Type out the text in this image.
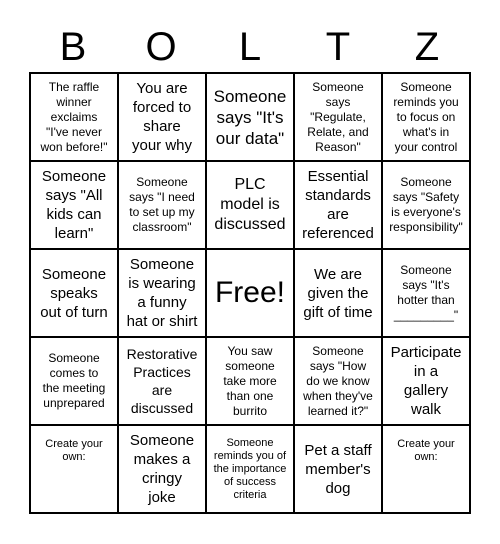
B	O	L	T	Z
The raffle
winner
exclaims
"I've never
won before!"
You are
forced to
share
your why
Someone
says "It's
our data"
Someone
says
"Regulate,
Relate, and
Reason"
Someone
reminds you
to focus on
what's in
your control
Someone
says "All
kids can
learn"
Someone
says "I need
to set up my
classroom"
PLC
model is
discussed
Essential
standards
are
referenced
Someone
says "Safety
is everyone's
responsibility"
Someone
speaks
out of turn
Someone
is wearing
a funny
hat or shirt
Free!
We are
given the
gift of time
Someone
says "It's
hotter than
_________"
Someone
comes to
the meeting
unprepared
Restorative
Practices
are
discussed
You saw
someone
take more
than one
burrito
Someone
says "How
do we know
when they've
learned it?"
Participate
in a
gallery
walk
Create your
own:
Someone
makes a
cringy
joke
Someone
reminds you of
the importance
of success
criteria
Pet a staff
member's
dog
Create your
own:
